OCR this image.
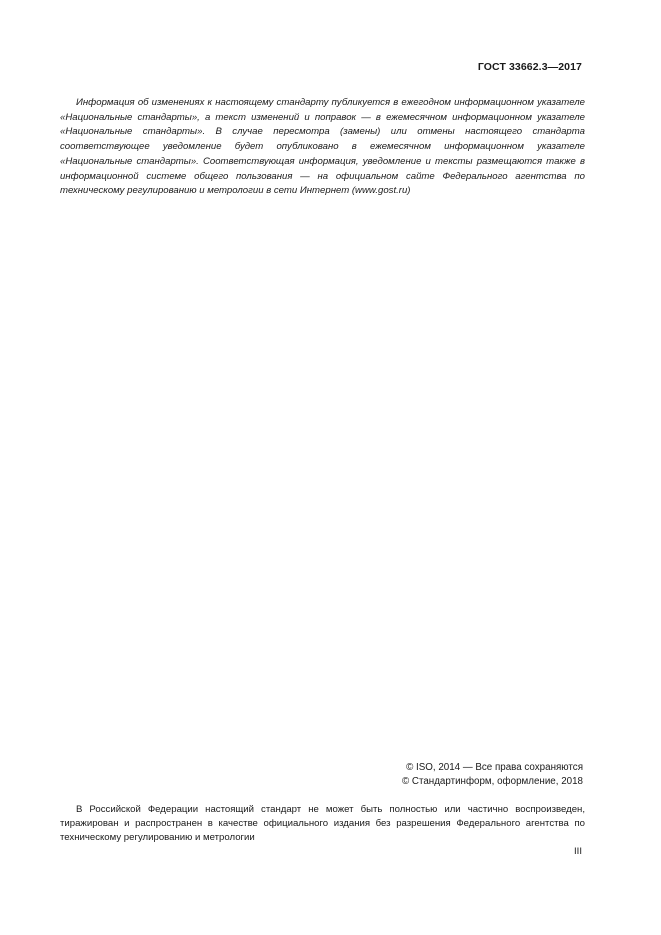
ГОСТ 33662.3—2017

Информация об изменениях к настоящему стандарту публикуется в ежегодном информационном указателе «Национальные стандарты», а текст изменений и поправок — в ежемесячном информационном указателе «Национальные стандарты». В случае пересмотра (замены) или отмены настоящего стандарта соответствующее уведомление будет опубликовано в ежемесячном информационном указателе «Национальные стандарты». Соответствующая информация, уведомление и тексты размещаются также в информационной системе общего пользования — на официальном сайте Федерального агентства по техническому регулированию и метрологии в сети Интернет (www.gost.ru)

© ISO, 2014 — Все права сохраняются
© Стандартинформ, оформление, 2018

В Российской Федерации настоящий стандарт не может быть полностью или частично воспроизведен, тиражирован и распространен в качестве официального издания без разрешения Федерального агентства по техническому регулированию и метрологии

III
